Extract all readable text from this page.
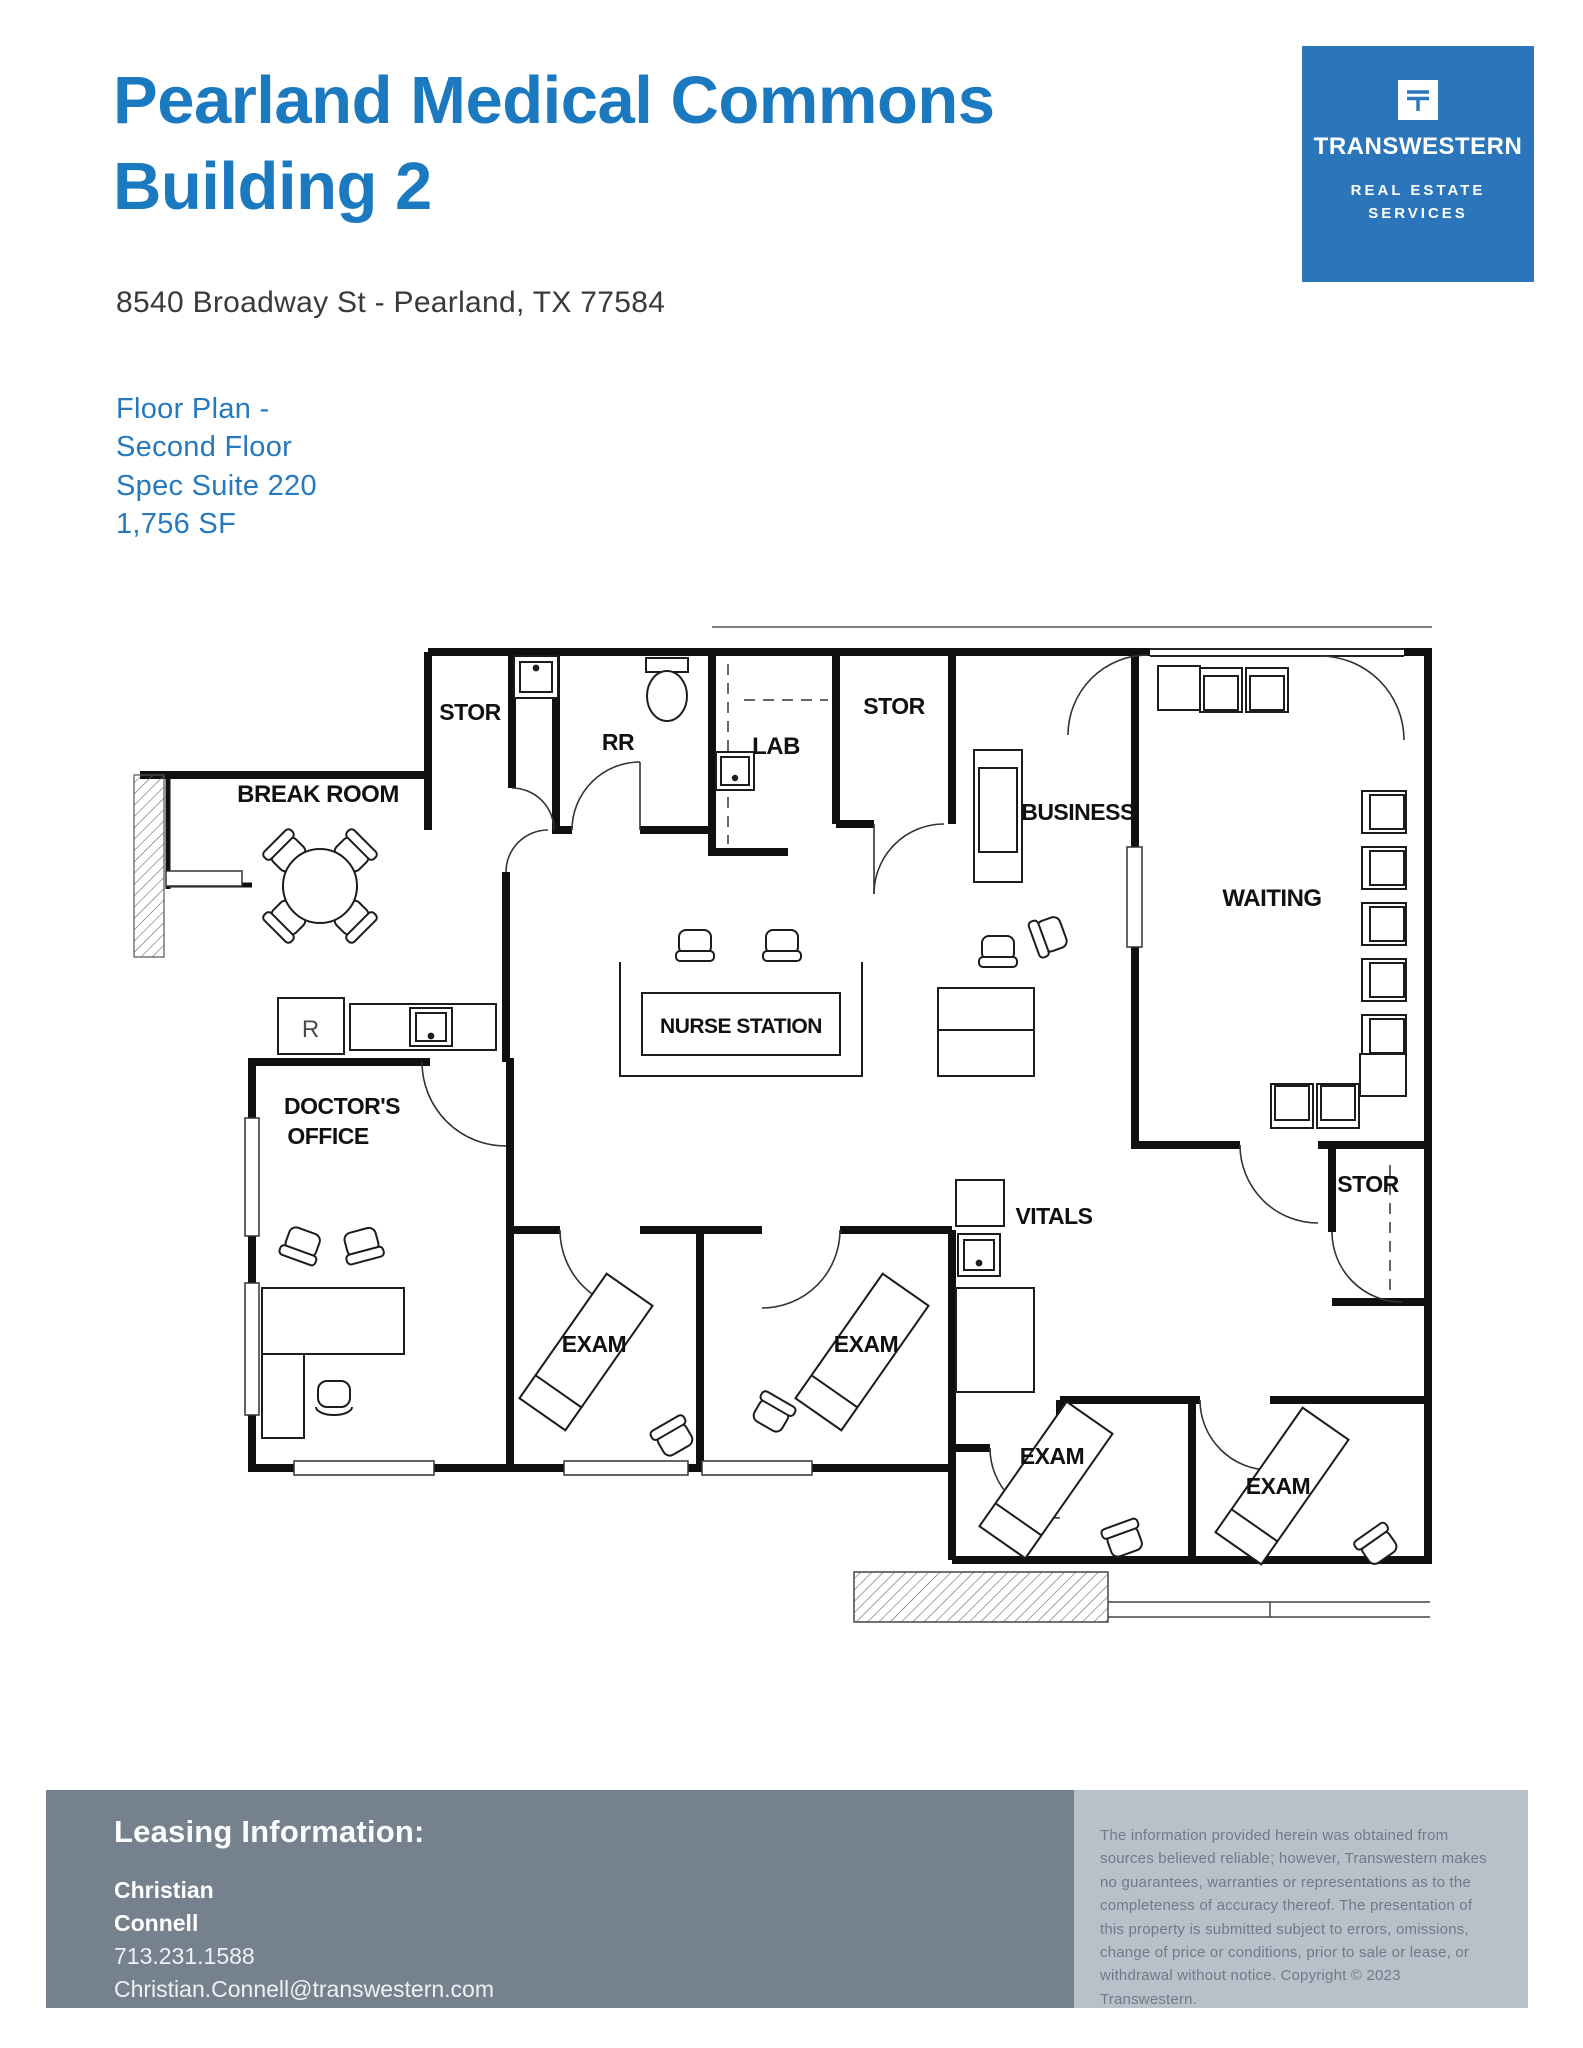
Pearland Medical Commons Building 2
8540 Broadway St - Pearland, TX 77584
TRANSWESTERN
REAL ESTATE
SERVICES
Floor Plan -
Second Floor
Spec Suite 220
1,756 SF
STOR
RR	LAB
STOR
BUSINESS
WAITING
BREAK ROOM
NURSE STATION
R
DOCTOR'S
OFFICE
VITALS
STOR
EXAM	EXAM
EXAM
EXAM
Leasing Information:
Christian
Connell
713.231.1588
Christian.Connell@transwestern.com

The information provided herein was obtained from sources believed reliable; however, Transwestern makes no guarantees, warranties or representations as to the completeness of accuracy thereof. The presentation of this property is submitted subject to errors, omissions, change of price or conditions, prior to sale or lease, or withdrawal without notice. Copyright © 2023 Transwestern.
